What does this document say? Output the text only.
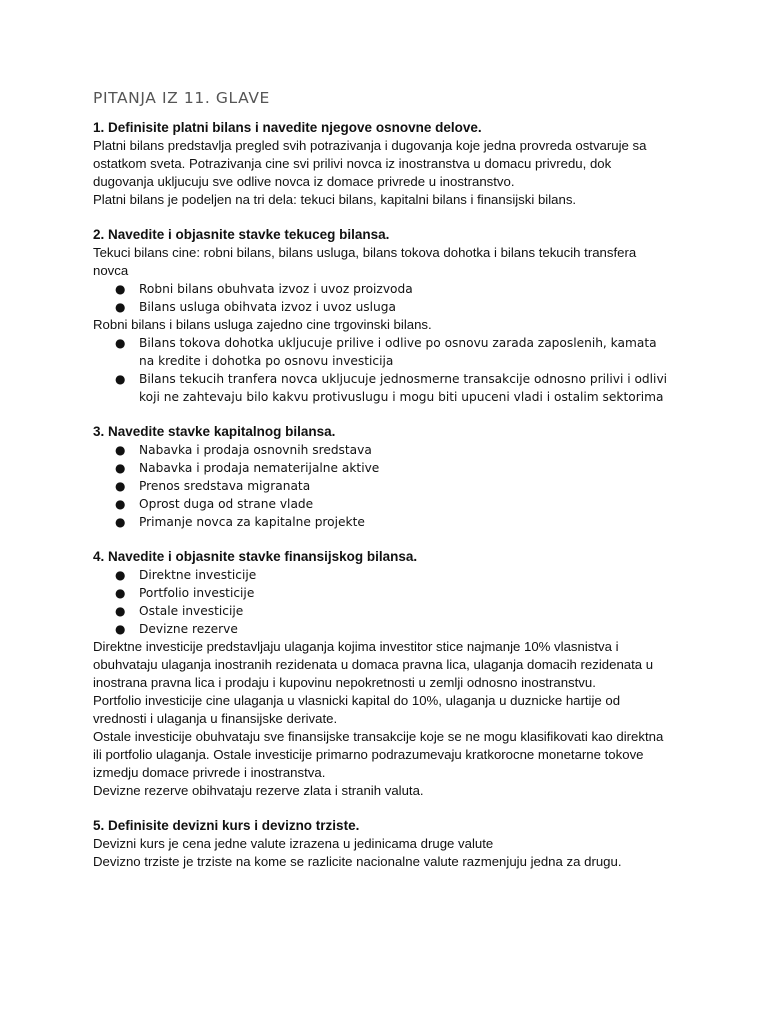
PITANJA IZ 11. GLAVE
1. Definisite platni bilans i navedite njegove osnovne delove.

Platni bilans predstavlja pregled svih potrazivanja i dugovanja koje jedna provreda ostvaruje sa ostatkom sveta. Potrazivanja cine svi prilivi novca iz inostranstva u domacu privredu, dok dugovanja ukljucuju sve odlive novca iz domace privrede u inostranstvo.

Platni bilans je podeljen na tri dela: tekuci bilans, kapitalni bilans i finansijski bilans.

2. Navedite i objasnite stavke tekuceg bilansa.

Tekuci bilans cine: robni bilans, bilans usluga, bilans tokova dohotka i bilans tekucih transfera novca

● Robni bilans obuhvata izvoz i uvoz proizvoda
● Bilans usluga obihvata izvoz i uvoz usluga

Robni bilans i bilans usluga zajedno cine trgovinski bilans.

● Bilans tokova dohotka ukljucuje prilive i odlive po osnovu zarada zaposlenih, kamata na kredite i dohotka po osnovu investicija
● Bilans tekucih tranfera novca ukljucuje jednosmerne transakcije odnosno prilivi i odlivi koji ne zahtevaju bilo kakvu protivuslugu i mogu biti upuceni vladi i ostalim sektorima
3. Navedite stavke kapitalnog bilansa.
● Nabavka i prodaja osnovnih sredstava
● Nabavka i prodaja nematerijalne aktive
● Prenos sredstava migranata
● Oprost duga od strane vlade
● Primanje novca za kapitalne projekte
4. Navedite i objasnite stavke finansijskog bilansa.
● Direktne investicije
● Portfolio investicije
● Ostale investicije
● Devizne rezerve

Direktne investicije predstavljaju ulaganja kojima investitor stice najmanje 10% vlasnistva i obuhvataju ulaganja inostranih rezidenata u domaca pravna lica, ulaganja domacih rezidenata u inostrana pravna lica i prodaju i kupovinu nepokretnosti u zemlji odnosno inostranstvu.

Portfolio investicije cine ulaganja u vlasnicki kapital do 10%, ulaganja u duznicke hartije od vrednosti i ulaganja u finansijske derivate.

Ostale investicije obuhvataju sve finansijske transakcije koje se ne mogu klasifikovati kao direktna ili portfolio ulaganja. Ostale investicije primarno podrazumevaju kratkorocne monetarne tokove izmedju domace privrede i inostranstva.

Devizne rezerve obihvataju rezerve zlata i stranih valuta.

5. Definisite devizni kurs i devizno trziste.

Devizni kurs je cena jedne valute izrazena u jedinicama druge valute

Devizno trziste je trziste na kome se razlicite nacionalne valute razmenjuju jedna za drugu.
